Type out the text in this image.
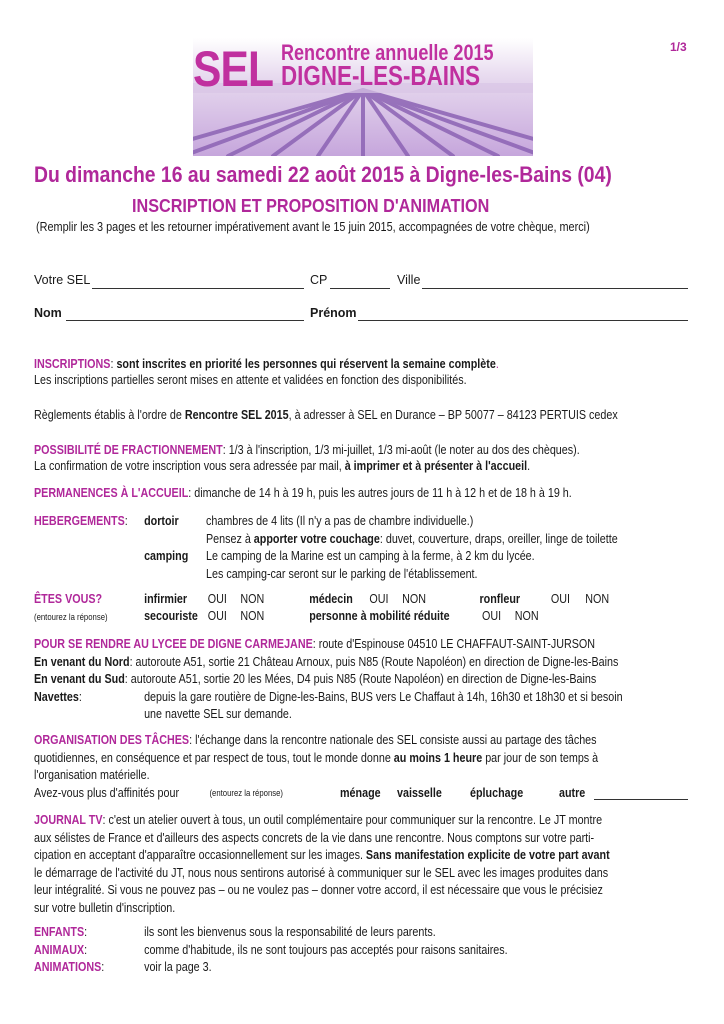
1/3
SEL Rencontre annuelle 2015
DIGNE-LES-BAINS
Du dimanche 16 au samedi 22 août 2015 à Digne-les-Bains (04)
INSCRIPTION ET PROPOSITION D'ANIMATION
(Remplir les 3 pages et les retourner impérativement avant le 15 juin 2015, accompagnées de votre chèque, merci)
Votre SEL	CP	Ville
Nom	Prénom
INSCRIPTIONS: sont inscrites en priorité les personnes qui réservent la semaine complète.
Les inscriptions partielles seront mises en attente et validées en fonction des disponibilités.
Règlements établis à l'ordre de Rencontre SEL 2015, à adresser à SEL en Durance – BP 50077 – 84123 PERTUIS cedex
POSSIBILITÉ DE FRACTIONNEMENT: 1/3 à l'inscription, 1/3 mi-juillet, 1/3 mi-août (le noter au dos des chèques).
La confirmation de votre inscription vous sera adressée par mail, à imprimer et à présenter à l'accueil.
PERMANENCES À L'ACCUEIL: dimanche de 14 h à 19 h, puis les autres jours de 11 h à 12 h et de 18 h à 19 h.
HEBERGEMENTS: dortoir chambres de 4 lits (Il n'y a pas de chambre individuelle.)
Pensez à apporter votre couchage: duvet, couverture, draps, oreiller, linge de toilette
camping Le camping de la Marine est un camping à la ferme, à 2 km du lycée.
Les camping-car seront sur le parking de l'établissement.
ÊTES VOUS?
(entourez la réponse)
infirmier OUI NON	médecin OUI NON	ronfleur OUI NON
secouriste OUI NON	personne à mobilité réduite	OUI NON
POUR SE RENDRE AU LYCEE DE DIGNE CARMEJANE: route d'Espinouse 04510 LE CHAFFAUT-SAINT-JURSON
En venant du Nord: autoroute A51, sortie 21 Château Arnoux, puis N85 (Route Napoléon) en direction de Digne-les-Bains
En venant du Sud: autoroute A51, sortie 20 les Mées, D4 puis N85 (Route Napoléon) en direction de Digne-les-Bains
Navettes:	depuis la gare routière de Digne-les-Bains, BUS vers Le Chaffaut à 14h, 16h30 et 18h30 et si besoin
une navette SEL sur demande.
ORGANISATION DES TÂCHES: l'échange dans la rencontre nationale des SEL consiste aussi au partage des tâches
quotidiennes, en conséquence et par respect de tous, tout le monde donne au moins 1 heure par jour de son temps à
l'organisation matérielle.
Avez-vous plus d'affinités pour	(entourez la réponse)	ménage vaisselle épluchage	autre
JOURNAL TV: c'est un atelier ouvert à tous, un outil complémentaire pour communiquer sur la rencontre. Le JT montre
aux sélistes de France et d'ailleurs des aspects concrets de la vie dans une rencontre. Nous comptons sur votre parti-
cipation en acceptant d'apparaître occasionnellement sur les images. Sans manifestation explicite de votre part avant
le démarrage de l'activité du JT, nous nous sentirons autorisé à communiquer sur le SEL avec les images produites dans
leur intégralité. Si vous ne pouvez pas – ou ne voulez pas – donner votre accord, il est nécessaire que vous le précisiez
sur votre bulletin d'inscription.
ENFANTS:	ils sont les bienvenus sous la responsabilité de leurs parents.
ANIMAUX:	comme d'habitude, ils ne sont toujours pas acceptés pour raisons sanitaires.
ANIMATIONS:	voir la page 3.
